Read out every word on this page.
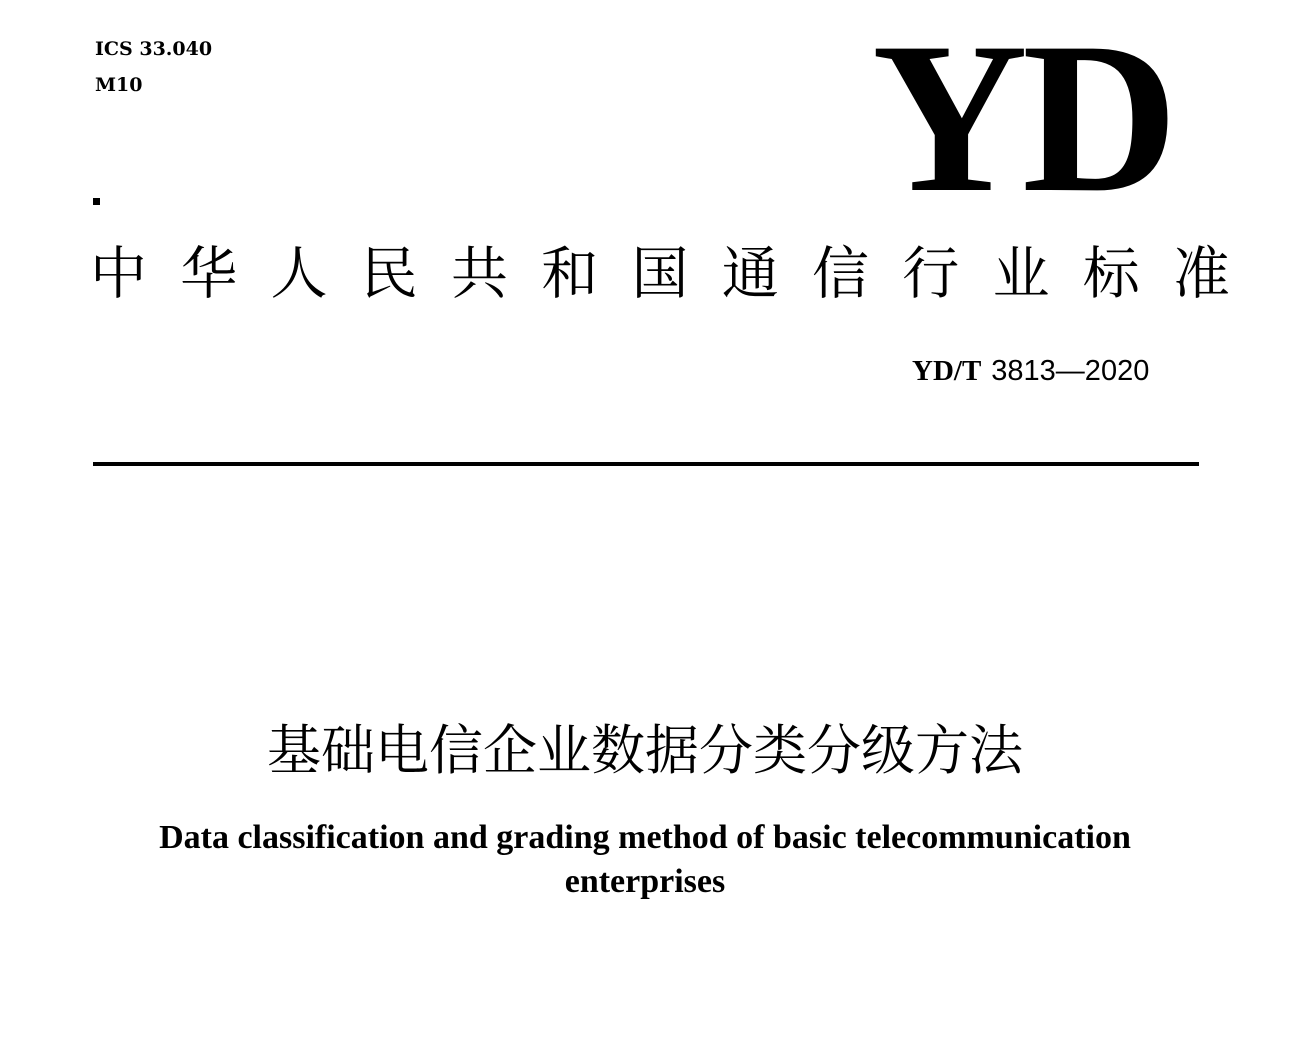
ICS 33.040
M10	YD
中 华 人 民 共 和 国 通 信 行 业 标 准
YD/T 3813—2020
基础电信企业数据分类分级方法
Data classification and grading method of basic telecommunication enterprises
